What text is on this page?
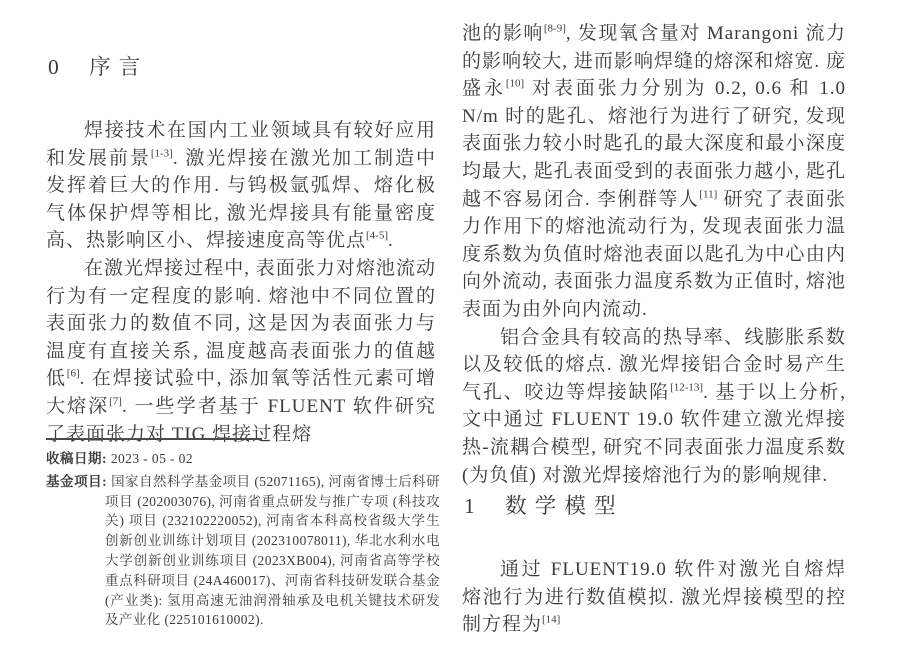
0 序言

焊接技术在国内工业领域具有较好应用和发展前景[1-3]. 激光焊接在激光加工制造中发挥着巨大的作用. 与钨极氩弧焊、熔化极气体保护焊等相比, 激光焊接具有能量密度高、热影响区小、焊接速度高等优点[4-5].

在激光焊接过程中, 表面张力对熔池流动行为有一定程度的影响. 熔池中不同位置的表面张力的数值不同, 这是因为表面张力与温度有直接关系, 温度越高表面张力的值越低[6]. 在焊接试验中, 添加氧等活性元素可增大熔深[7]. 一些学者基于 FLUENT 软件研究了表面张力对 TIG 焊接过程熔

收稿日期: 2023 - 05 - 02

基金项目: 国家自然科学基金项目 (52071165), 河南省博士后科研项目 (202003076), 河南省重点研发与推广专项 (科技攻关) 项目 (232102220052), 河南省本科高校省级大学生创新创业训练计划项目 (202310078011), 华北水利水电大学创新创业训练项目 (2023XB004), 河南省高等学校重点科研项目 (24A460017)、河南省科技研发联合基金 (产业类): 氢用高速无油润滑轴承及电机关键技术研发及产业化 (225101610002).

池的影响[8-9], 发现氧含量对 Marangoni 流力的影响较大, 进而影响焊缝的熔深和熔宽. 庞盛永[10] 对表面张力分别为 0.2, 0.6 和 1.0 N/m 时的匙孔、熔池行为进行了研究, 发现表面张力较小时匙孔的最大深度和最小深度均最大, 匙孔表面受到的表面张力越小, 匙孔越不容易闭合. 李俐群等人[11] 研究了表面张力作用下的熔池流动行为, 发现表面张力温度系数为负值时熔池表面以匙孔为中心由内向外流动, 表面张力温度系数为正值时, 熔池表面为由外向内流动.

铝合金具有较高的热导率、线膨胀系数以及较低的熔点. 激光焊接铝合金时易产生气孔、咬边等焊接缺陷[12-13]. 基于以上分析, 文中通过 FLUENT 19.0 软件建立激光焊接热-流耦合模型, 研究不同表面张力温度系数 (为负值) 对激光焊接熔池行为的影响规律.

1 数学模型

通过 FLUENT19.0 软件对激光自熔焊熔池行为进行数值模拟. 激光焊接模型的控制方程为[14]
